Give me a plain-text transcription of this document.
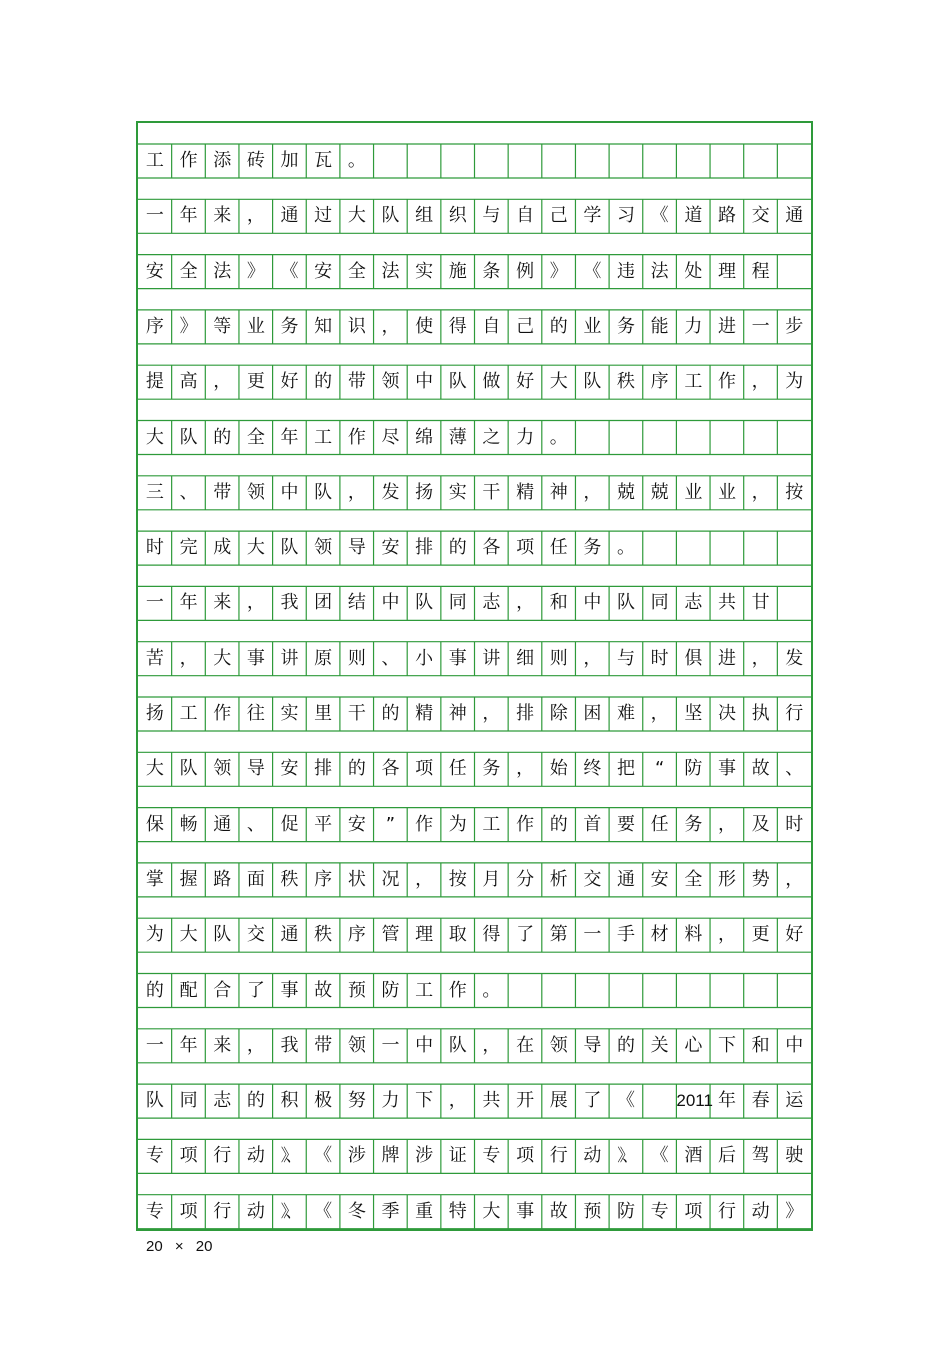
工 作 添 砖 加 瓦 。
一 年 来 ， 通 过 大 队 组 织 与 自 己 学 习 《 道 路 交 通
安 全 法 》 《 安 全 法 实 施 条 例 》 《 违 法 处 理 程
序 》 等 业 务 知 识 ， 使 得 自 己 的 业 务 能 力 进 一 步
提 高 ， 更 好 的 带 领 中 队 做 好 大 队 秩 序 工 作 ， 为
大 队 的 全 年 工 作 尽 绵 薄 之 力 。
三 、 带 领 中 队 ， 发 扬 实 干 精 神 ， 兢 兢 业 业 ， 按
时 完 成 大 队 领 导 安 排 的 各 项 任 务 。
一 年 来 ， 我 团 结 中 队 同 志 ， 和 中 队 同 志 共 甘
苦 ， 大 事 讲 原 则 、 小 事 讲 细 则 ， 与 时 俱 进 ， 发
扬 工 作 往 实 里 干 的 精 神 ， 排 除 困 难 ， 坚 决 执 行
大 队 领 导 安 排 的 各 项 任 务 ， 始 终 把	“	防 事 故 、
保 畅 通 、 促 平 安	”	作 为 工 作 的 首 要 任 务 ， 及 时
掌 握 路 面 秩 序 状 况 ， 按 月 分 析 交 通 安 全 形 势 ，
为 大 队 交 通 秩 序 管 理 取 得 了 第 一 手 材 料 ， 更 好
的 配 合 了 事 故 预 防 工 作 。
一 年 来 ， 我 带 领 一 中 队 ， 在 领 导 的 关 心 下 和 中
队 同 志 的 积 极 努 力 下 ， 共 开 展 了 《	2011 年 春 运
专 项 行 动 》、 《 涉 牌 涉 证 专 项 行 动 》、 《 酒 后 驾 驶
专 项 行 动 》、 《 冬 季 重 特 大 事 故 预 防 专 项 行 动 》
20 × 20
